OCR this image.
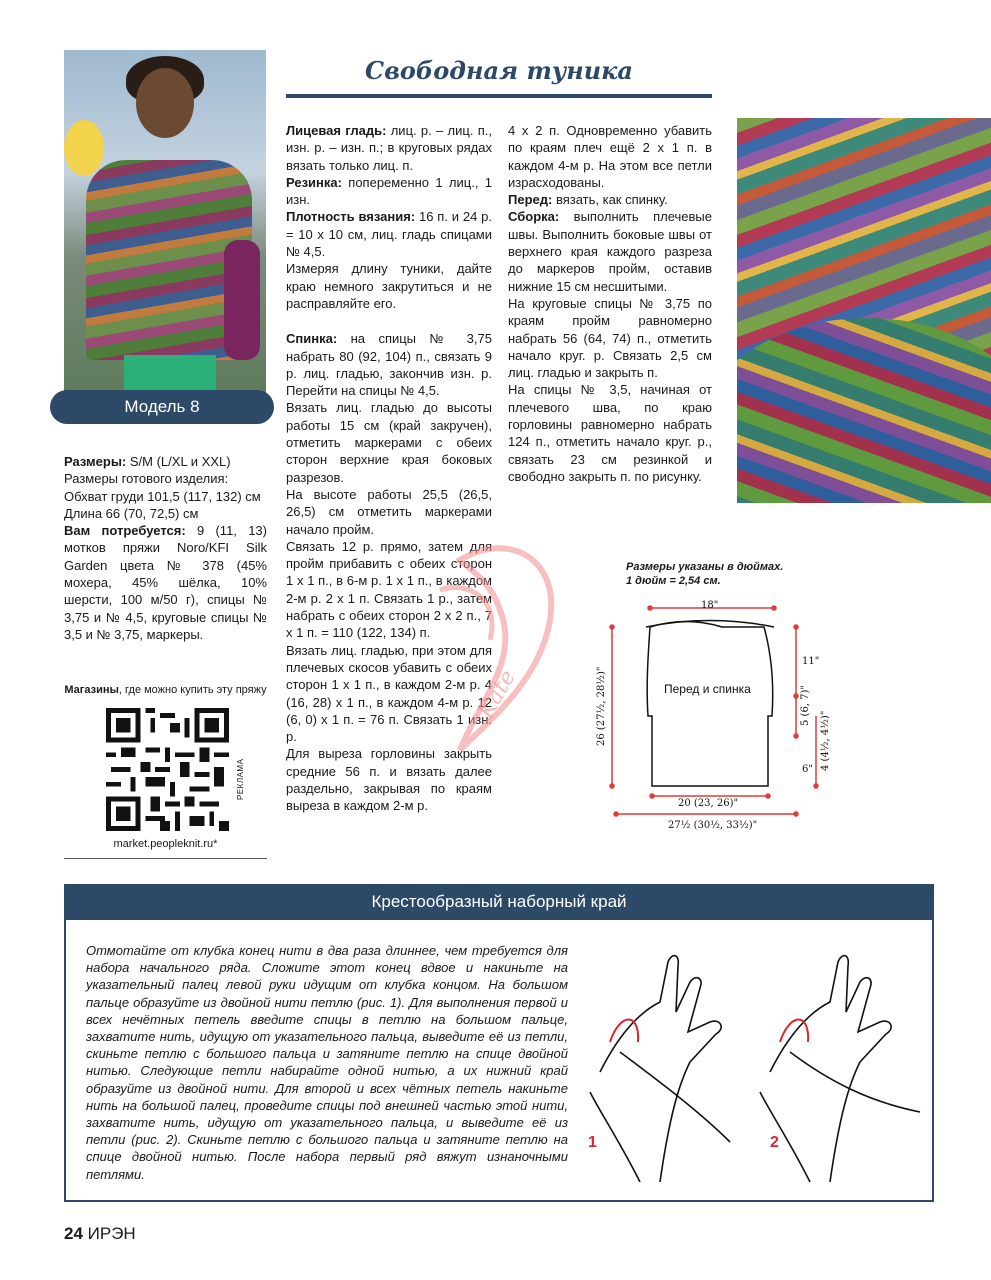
Модель 8
Свободная туника

Размеры: S/M (L/XL и XXL)

Размеры готового изделия:

Обхват груди 101,5 (117, 132) см

Длина 66 (70, 72,5) см

Вам потребуется: 9 (11, 13) мотков пряжи Noro/KFI Silk Garden цвета № 378 (45% мохера, 45% шёлка, 10% шерсти, 100 м/50 г), спицы № 3,75 и № 4,5, круговые спицы № 3,5 и № 3,75, маркеры.

Магазины, где можно купить эту пряжу
РЕКЛАМА
market.peopleknit.ru*

Лицевая гладь: лиц. р. – лиц. п., изн. р. – изн. п.; в круговых рядах вязать только лиц. п.

Резинка: попеременно 1 лиц., 1 изн.

Плотность вязания: 16 п. и 24 р. = 10 х 10 см, лиц. гладь спицами № 4,5.

Измеряя длину туники, дайте краю немного закрутиться и не расправляйте его.

Спинка: на спицы № 3,75 набрать 80 (92, 104) п., связать 9 р. лиц. гладью, закончив изн. р. Перейти на спицы № 4,5.

Вязать лиц. гладью до высоты работы 15 см (край закручен), отметить маркерами с обеих сторон верхние края боковых разрезов.

На высоте работы 25,5 (26,5, 26,5) см отметить маркерами начало пройм.

Связать 12 р. прямо, затем для пройм прибавить с обеих сторон 1 х 1 п., в 6-м р. 1 х 1 п., в каждом 2-м р. 2 х 1 п. Связать 1 р., затем набрать с обеих сторон 2 х 2 п., 7 х 1 п. = 110 (122, 134) п.

Вязать лиц. гладью, при этом для плечевых скосов убавить с обеих сторон 1 х 1 п., в каждом 2-м р. 4 (16, 28) х 1 п., в каждом 4-м р. 12 (6, 0) х 1 п. = 76 п. Связать 1 изн. р.

Для выреза горловины закрыть средние 56 п. и вязать далее раздельно, закрывая по краям выреза в каждом 2-м р.

4 х 2 п. Одновременно убавить по краям плеч ещё 2 х 1 п. в каждом 4-м р. На этом все петли израсходованы.

Перед: вязать, как спинку.

Сборка: выполнить плечевые швы. Выполнить боковые швы от верхнего края каждого разреза до маркеров пройм, оставив нижние 15 см несшитыми.

На круговые спицы № 3,75 по краям пройм равномерно набрать 56 (64, 74) п., отметить начало круг. р. Связать 2,5 см лиц. гладью и закрыть п.

На спицы № 3,5, начиная от плечевого шва, по краю горловины равномерно набрать 124 п., отметить начало круг. р., связать 23 см резинкой и свободно закрыть п. по рисунку.

Kate
Размеры указаны в дюймах.
1 дюйм = 2,54 см.
18"
Перед и спинка
26 (27½, 28½)"
11"
5 (6, 7)"
4 (4½, 4½)"
6"
20 (23, 26)"
27½ (30½, 33½)"
Крестообразный наборный край
Отмотайте от клубка конец нити в два раза длиннее, чем требуется для набора начального ряда. Сложите этот конец вдвое и накиньте на указательный палец левой руки идущим от клубка концом. На большом пальце образуйте из двойной нити петлю (рис. 1). Для выполнения первой и всех нечётных петель введите спицы в петлю на большом пальце, захватите нить, идущую от указательного пальца, выведите её из петли, скиньте петлю с большого пальца и затяните петлю на спице двойной нитью. Следующие петли набирайте одной нитью, а их нижний край образуйте из двойной нити. Для второй и всех чётных петель накиньте нить на большой палец, проведите спицы под внешней частью этой нити, захватите нить, идущую от указательного пальца, и выведите её из петли (рис. 2). Скиньте петлю с большого пальца и затяните петлю на спице двойной нитью. После набора первый ряд вяжут изнаночными петлями.
1	2
24 ИРЭН
